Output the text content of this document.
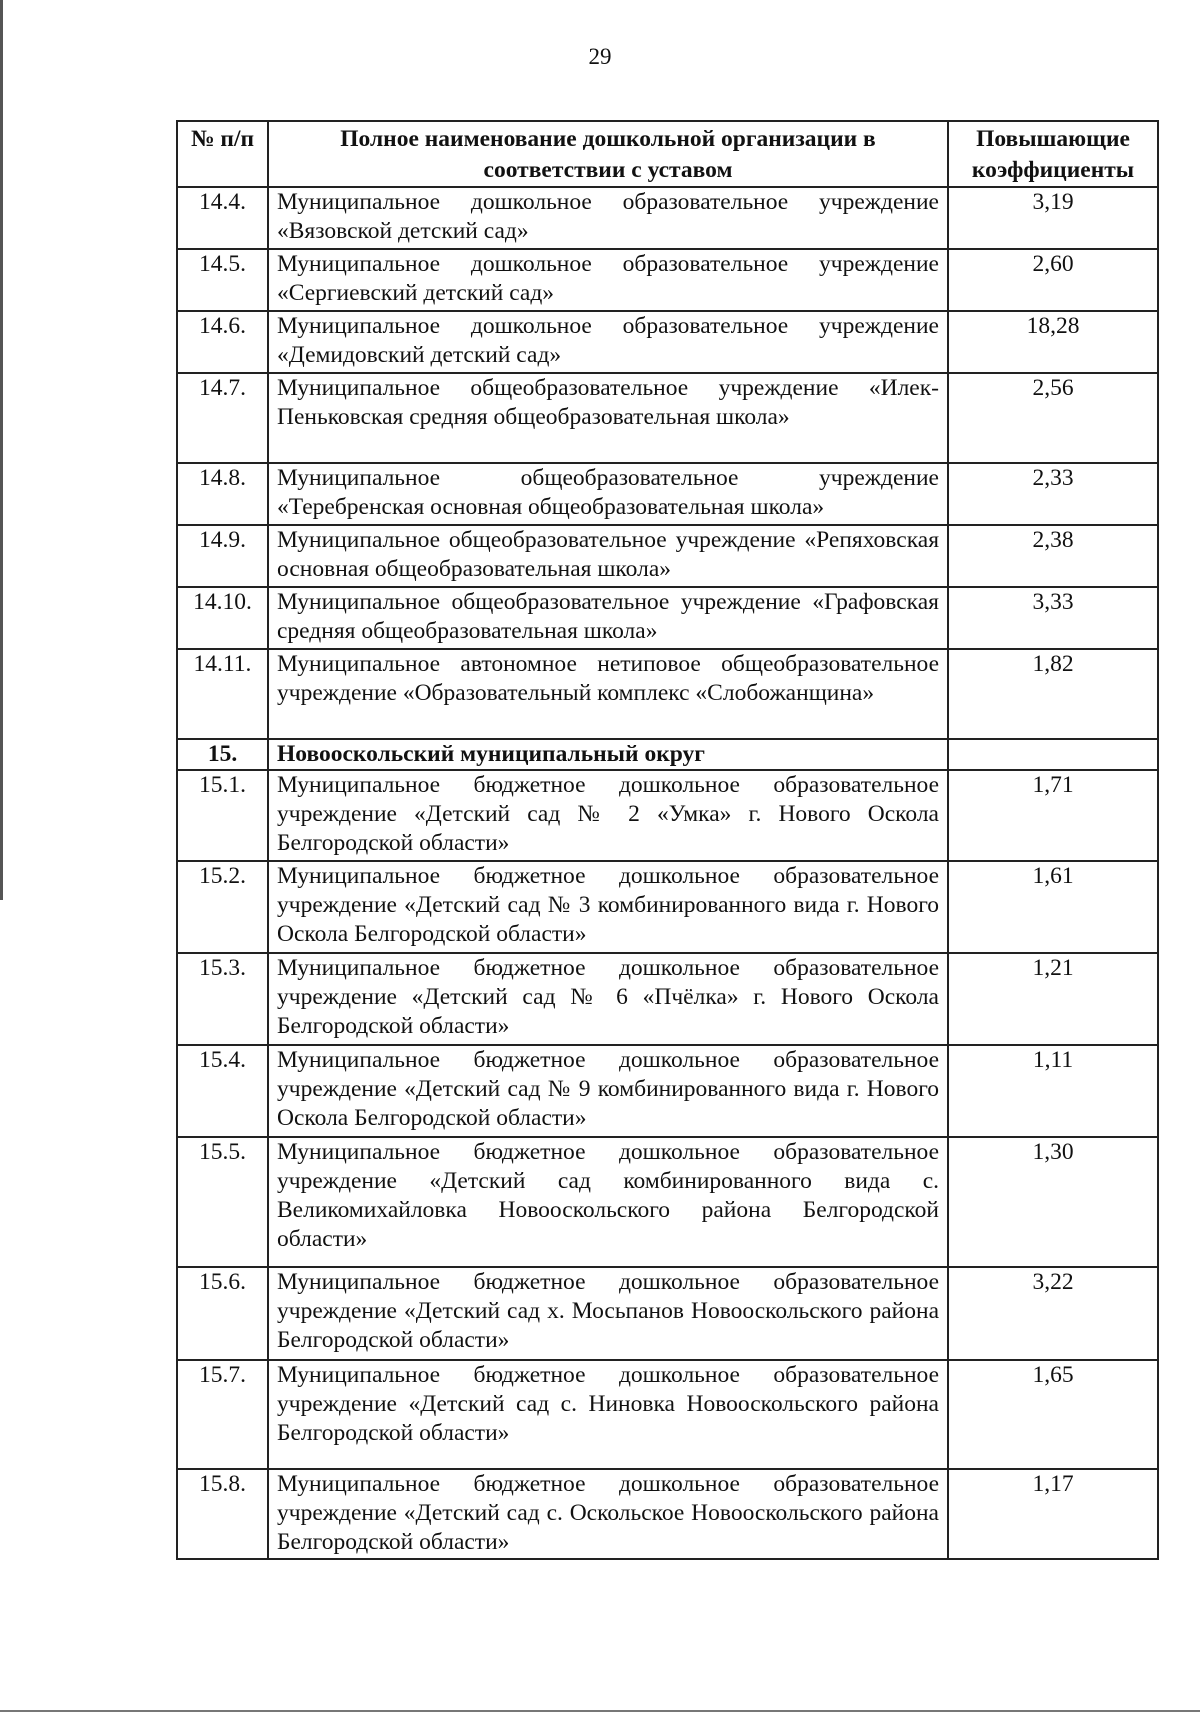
29
№ п/п	Полное наименование дошкольной организации в соответствии с уставом	Повышающие коэффициенты
14.4.	Муниципальное дошкольное образовательное учреждение «Вязовской детский сад»	3,19
14.5.	Муниципальное дошкольное образовательное учреждение «Сергиевский детский сад»	2,60
14.6.	Муниципальное дошкольное образовательное учреждение «Демидовский детский сад»	18,28
14.7.	Муниципальное общеобразовательное учреждение «Илек-Пеньковская средняя общеобразовательная школа»	2,56
14.8.	Муниципальное общеобразовательное учреждение «Теребренская основная общеобразовательная школа»	2,33
14.9.	Муниципальное общеобразовательное учреждение «Репяховская основная общеобразовательная школа»	2,38
14.10.	Муниципальное общеобразовательное учреждение «Графовская средняя общеобразовательная школа»	3,33
14.11.	Муниципальное автономное нетиповое общеобразовательное учреждение «Образовательный комплекс «Слобожанщина»	1,82
15.	Новооскольский муниципальный округ	
15.1.	Муниципальное бюджетное дошкольное образовательное учреждение «Детский сад № 2 «Умка» г. Нового Оскола Белгородской области»	1,71
15.2.	Муниципальное бюджетное дошкольное образовательное учреждение «Детский сад № 3 комбинированного вида г. Нового Оскола Белгородской области»	1,61
15.3.	Муниципальное бюджетное дошкольное образовательное учреждение «Детский сад № 6 «Пчёлка» г. Нового Оскола Белгородской области»	1,21
15.4.	Муниципальное бюджетное дошкольное образовательное учреждение «Детский сад № 9 комбинированного вида г. Нового Оскола Белгородской области»	1,11
15.5.	Муниципальное бюджетное дошкольное образовательное учреждение «Детский сад комбинированного вида с. Великомихайловка Новооскольского района Белгородской области»	1,30
15.6.	Муниципальное бюджетное дошкольное образовательное учреждение «Детский сад х. Мосьпанов Новооскольского района Белгородской области»	3,22
15.7.	Муниципальное бюджетное дошкольное образовательное учреждение «Детский сад с. Ниновка Новооскольского района Белгородской области»	1,65
15.8.	Муниципальное бюджетное дошкольное образовательное учреждение «Детский сад с. Оскольское Новооскольского района Белгородской области»	1,17
